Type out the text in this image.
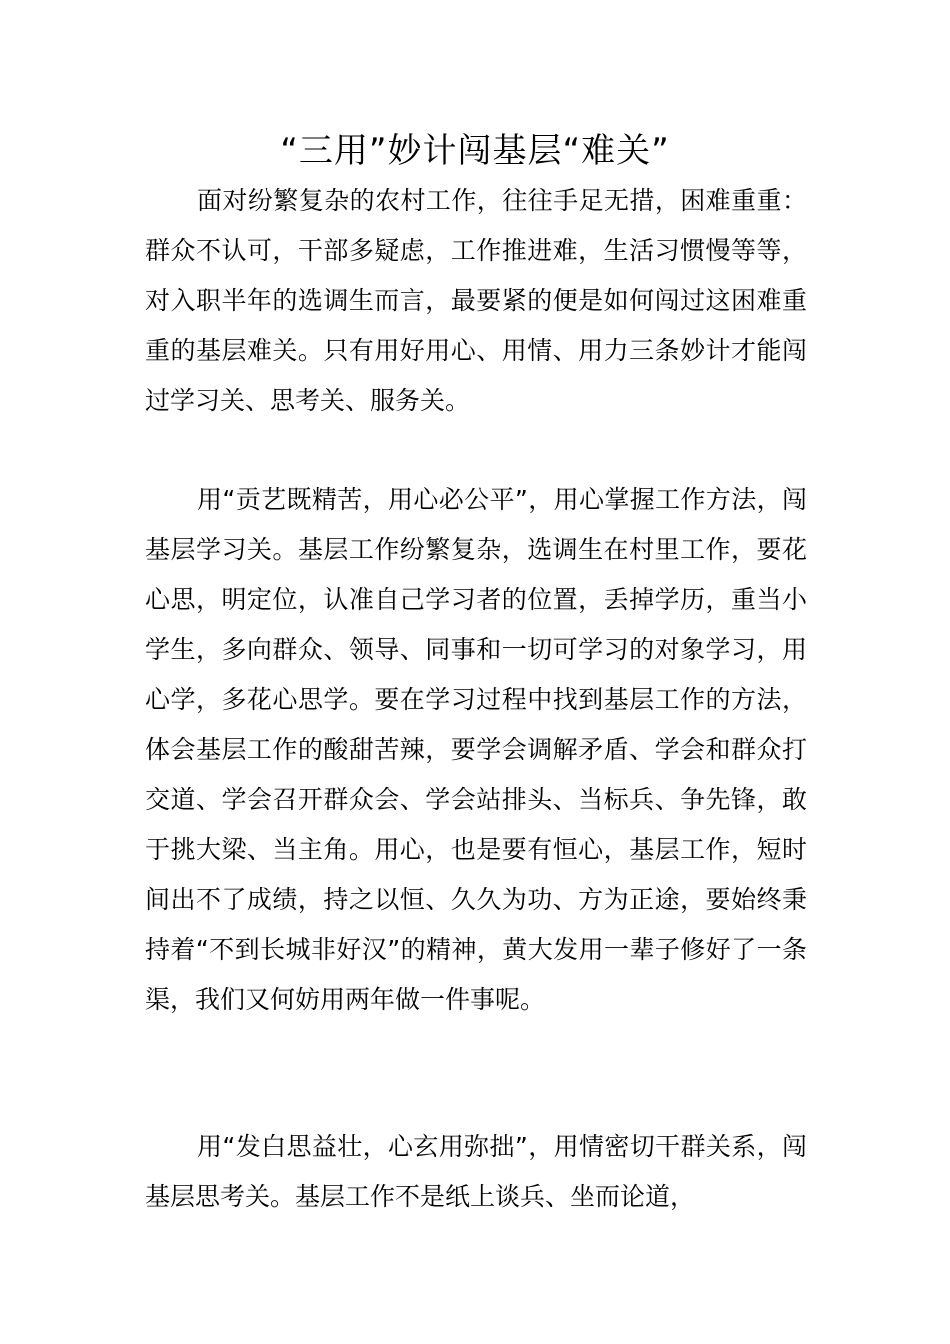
“三用”妙计闯基层“难关”

面对纷繁复杂的农村工作，往往手足无措，困难重重：群众不认可，干部多疑虑，工作推进难，生活习惯慢等等，对入职半年的选调生而言，最要紧的便是如何闯过这困难重重的基层难关。只有用好用心、用情、用力三条妙计才能闯过学习关、思考关、服务关。

用“贡艺既精苦，用心必公平”，用心掌握工作方法，闯基层学习关。基层工作纷繁复杂，选调生在村里工作，要花心思，明定位，认准自己学习者的位置，丢掉学历，重当小学生，多向群众、领导、同事和一切可学习的对象学习，用心学，多花心思学。要在学习过程中找到基层工作的方法，体会基层工作的酸甜苦辣，要学会调解矛盾、学会和群众打交道、学会召开群众会、学会站排头、当标兵、争先锋，敢于挑大梁、当主角。用心，也是要有恒心，基层工作，短时间出不了成绩，持之以恒、久久为功、方为正途，要始终秉持着“不到长城非好汉”的精神，黄大发用一辈子修好了一条渠，我们又何妨用两年做一件事呢。

用“发白思益壮，心玄用弥拙”，用情密切干群关系，闯基层思考关。基层工作不是纸上谈兵、坐而论道，
